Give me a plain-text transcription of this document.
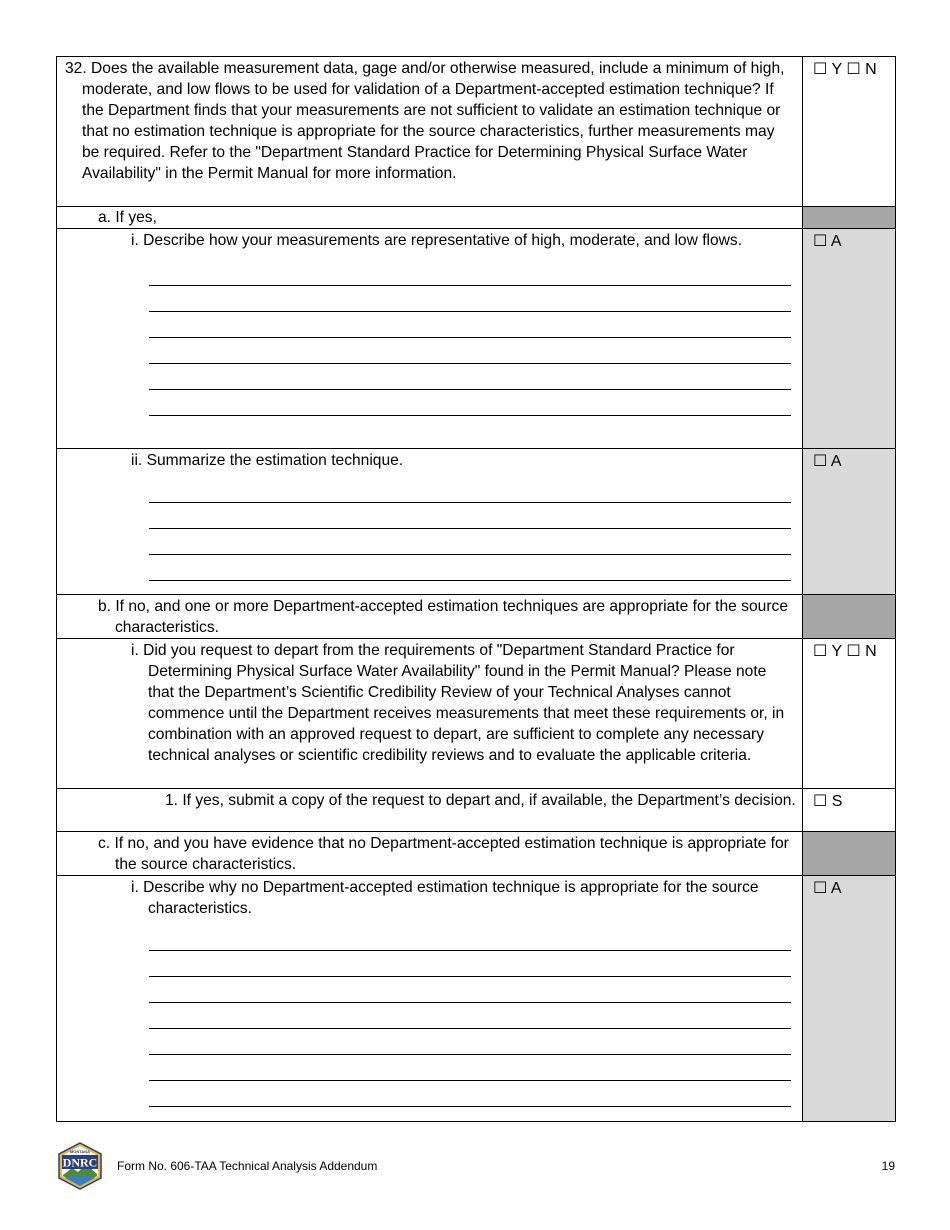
32. Does the available measurement data, gage and/or otherwise measured, include a minimum of high, moderate, and low flows to be used for validation of a Department-accepted estimation technique? If the Department finds that your measurements are not sufficient to validate an estimation technique or that no estimation technique is appropriate for the source characteristics, further measurements may be required. Refer to the "Department Standard Practice for Determining Physical Surface Water Availability" in the Permit Manual for more information.	☐ Y ☐ N

a. If yes,	

i. Describe how your measurements are representative of high, moderate, and low flows.	☐ A

ii. Summarize the estimation technique.	☐ A

b. If no, and one or more Department-accepted estimation techniques are appropriate for the source characteristics.	

i. Did you request to depart from the requirements of "Department Standard Practice for Determining Physical Surface Water Availability" found in the Permit Manual? Please note that the Department’s Scientific Credibility Review of your Technical Analyses cannot commence until the Department receives measurements that meet these requirements or, in combination with an approved request to depart, are sufficient to complete any necessary technical analyses or scientific credibility reviews and to evaluate the applicable criteria.	☐ Y ☐ N

1. If yes, submit a copy of the request to depart and, if available, the Department’s decision.	☐ S

c. If no, and you have evidence that no Department-accepted estimation technique is appropriate for the source characteristics.	

i. Describe why no Department-accepted estimation technique is appropriate for the source characteristics.	☐ A
DNRC
MONTANA
Form No. 606-TAA Technical Analysis Addendum	19
